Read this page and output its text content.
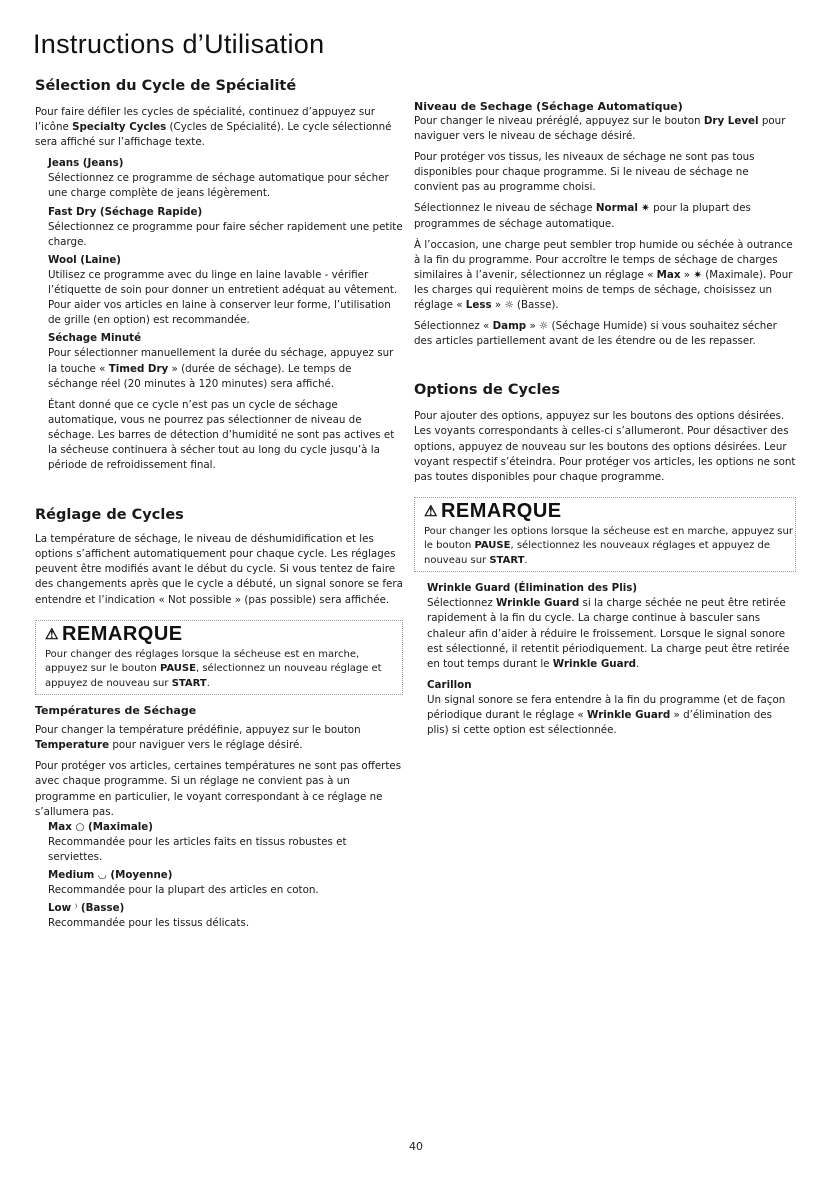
Instructions d’Utilisation
Sélection du Cycle de Spécialité

Pour faire défiler les cycles de spécialité, continuez d’appuyez sur l’icône Specialty Cycles (Cycles de Spécialité). Le cycle sélectionné sera affiché sur l’affichage texte.

Jeans (Jeans)

Sélectionnez ce programme de séchage automatique pour sécher une charge complète de jeans légèrement.

Fast Dry (Séchage Rapide)

Sélectionnez ce programme pour faire sécher rapidement une petite charge.

Wool (Laine)

Utilisez ce programme avec du linge en laine lavable - vérifier l’étiquette de soin pour donner un entretient adéquat au vêtement. Pour aider vos articles en laine à conserver leur forme, l’utilisation de grille (en option) est recommandée.

Séchage Minuté

Pour sélectionner manuellement la durée du séchage, appuyez sur la touche « Timed Dry » (durée de séchage). Le temps de séchange réel (20 minutes à 120 minutes) sera affiché.

Étant donné que ce cycle n’est pas un cycle de séchage automatique, vous ne pourrez pas sélectionner de niveau de séchage. Les barres de détection d’humidité ne sont pas actives et la sécheuse continuera à sécher tout au long du cycle jusqu’à la période de refroidissement final.

Réglage de Cycles

La température de séchage, le niveau de déshumidification et les options s’affichent automatiquement pour chaque cycle. Les réglages peuvent être modifiés avant le début du cycle. Si vous tentez de faire des changements après que le cycle a débuté, un signal sonore se fera entendre et l’indication « Not possible » (pas possible) sera affichée.

⚠ REMARQUE

Pour changer des réglages lorsque la sécheuse est en marche, appuyez sur le bouton PAUSE, sélectionnez un nouveau réglage et appuyez de nouveau sur START.

Températures de Séchage

Pour changer la température prédéfinie, appuyez sur le bouton Temperature pour naviguer vers le réglage désiré.

Pour protéger vos articles, certaines températures ne sont pas offertes avec chaque programme. Si un réglage ne convient pas à un programme en particulier, le voyant correspondant à ce réglage ne s’allumera pas.

Max ○ (Maximale)

Recommandée pour les articles faits en tissus robustes et serviettes.

Medium ◡ (Moyenne)

Recommandée pour la plupart des articles en coton.

Low ⁾ (Basse)

Recommandée pour les tissus délicats.

Niveau de Sechage (Séchage Automatique)

Pour changer le niveau préréglé, appuyez sur le bouton Dry Level pour naviguer vers le niveau de séchage désiré.

Pour protéger vos tissus, les niveaux de séchage ne sont pas tous disponibles pour chaque programme. Si le niveau de séchage ne convient pas au programme choisi.

Sélectionnez le niveau de séchage Normal ✷ pour la plupart des programmes de séchage automatique.

À l’occasion, une charge peut sembler trop humide ou séchée à outrance à la fin du programme. Pour accroître le temps de séchage de charges similaires à l’avenir, sélectionnez un réglage « Max » ✷ (Maximale). Pour les charges qui requièrent moins de temps de séchage, choisissez un réglage « Less » ☼ (Basse).

Sélectionnez « Damp » ☼ (Séchage Humide) si vous souhaitez sécher des articles partiellement avant de les étendre ou de les repasser.

Options de Cycles

Pour ajouter des options, appuyez sur les boutons des options désirées. Les voyants correspondants à celles-ci s’allumeront. Pour désactiver des options, appuyez de nouveau sur les boutons des options désirées. Leur voyant respectif s’éteindra. Pour protéger vos articles, les options ne sont pas toutes disponibles pour chaque programme.

⚠ REMARQUE

Pour changer les options lorsque la sécheuse est en marche, appuyez sur le bouton PAUSE, sélectionnez les nouveaux réglages et appuyez de nouveau sur START.

Wrinkle Guard (Élimination des Plis)

Sélectionnez Wrinkle Guard si la charge séchée ne peut être retirée rapidement à la fin du cycle. La charge continue à basculer sans chaleur afin d’aider à réduire le froissement. Lorsque le signal sonore est sélectionné, il retentit périodiquement. La charge peut être retirée en tout temps durant le Wrinkle Guard.

Carillon

Un signal sonore se fera entendre à la fin du programme (et de façon périodique durant le réglage « Wrinkle Guard » d’élimination des plis) si cette option est sélectionnée.

40
